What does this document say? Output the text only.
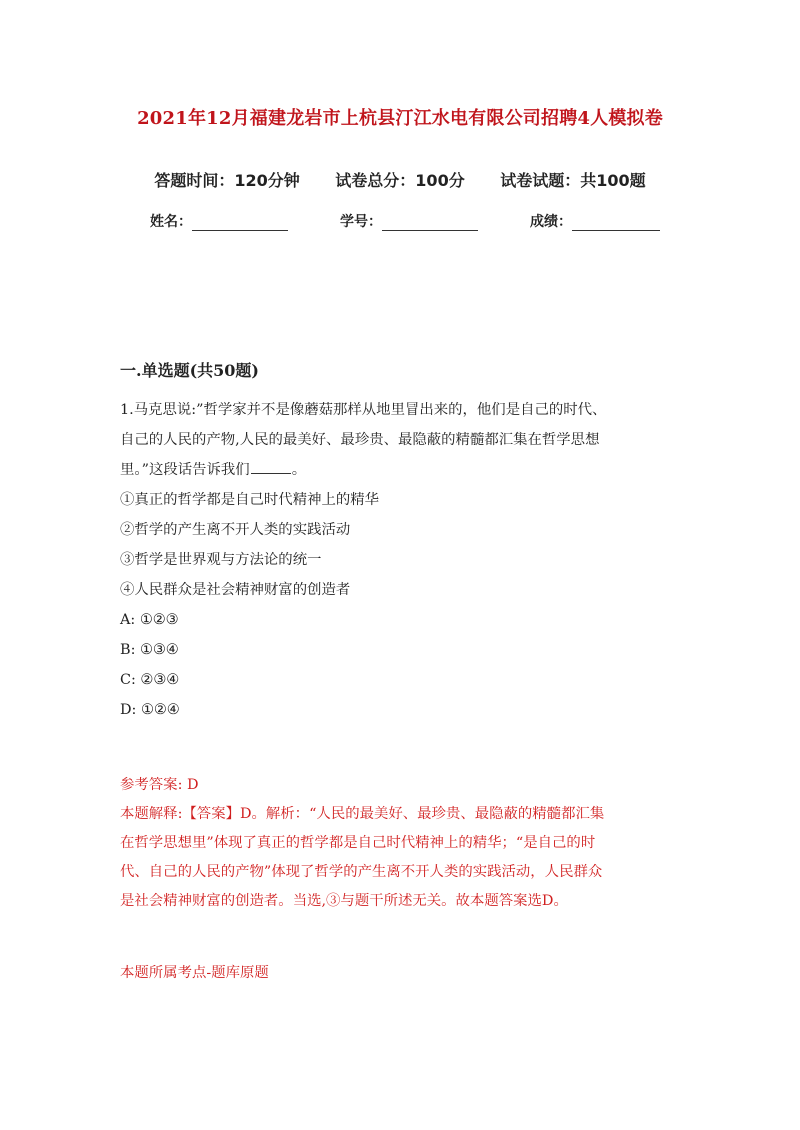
2021年12月福建龙岩市上杭县汀江水电有限公司招聘4人模拟卷
答题时间：120分钟 试卷总分：100分 试卷试题：共100题
姓名：	学号：	成绩：
一.单选题(共50题)
1.马克思说:”哲学家并不是像蘑菇那样从地里冒出来的，他们是自己的时代、
自己的人民的产物,人民的最美好、最珍贵、最隐蔽的精髓都汇集在哲学思想
里。”这段话告诉我们	。
①真正的哲学都是自己时代精神上的精华
②哲学的产生离不开人类的实践活动
③哲学是世界观与方法论的统一
④人民群众是社会精神财富的创造者
A: ①②③
B: ①③④
C: ②③④
D: ①②④
参考答案: D
本题解释:【答案】D。解析：“人民的最美好、最珍贵、最隐蔽的精髓都汇集
在哲学思想里”体现了真正的哲学都是自己时代精神上的精华；“是自己的时
代、自己的人民的产物”体现了哲学的产生离不开人类的实践活动，人民群众
是社会精神财富的创造者。当选,③与题干所述无关。故本题答案选D。
本题所属考点-题库原题
